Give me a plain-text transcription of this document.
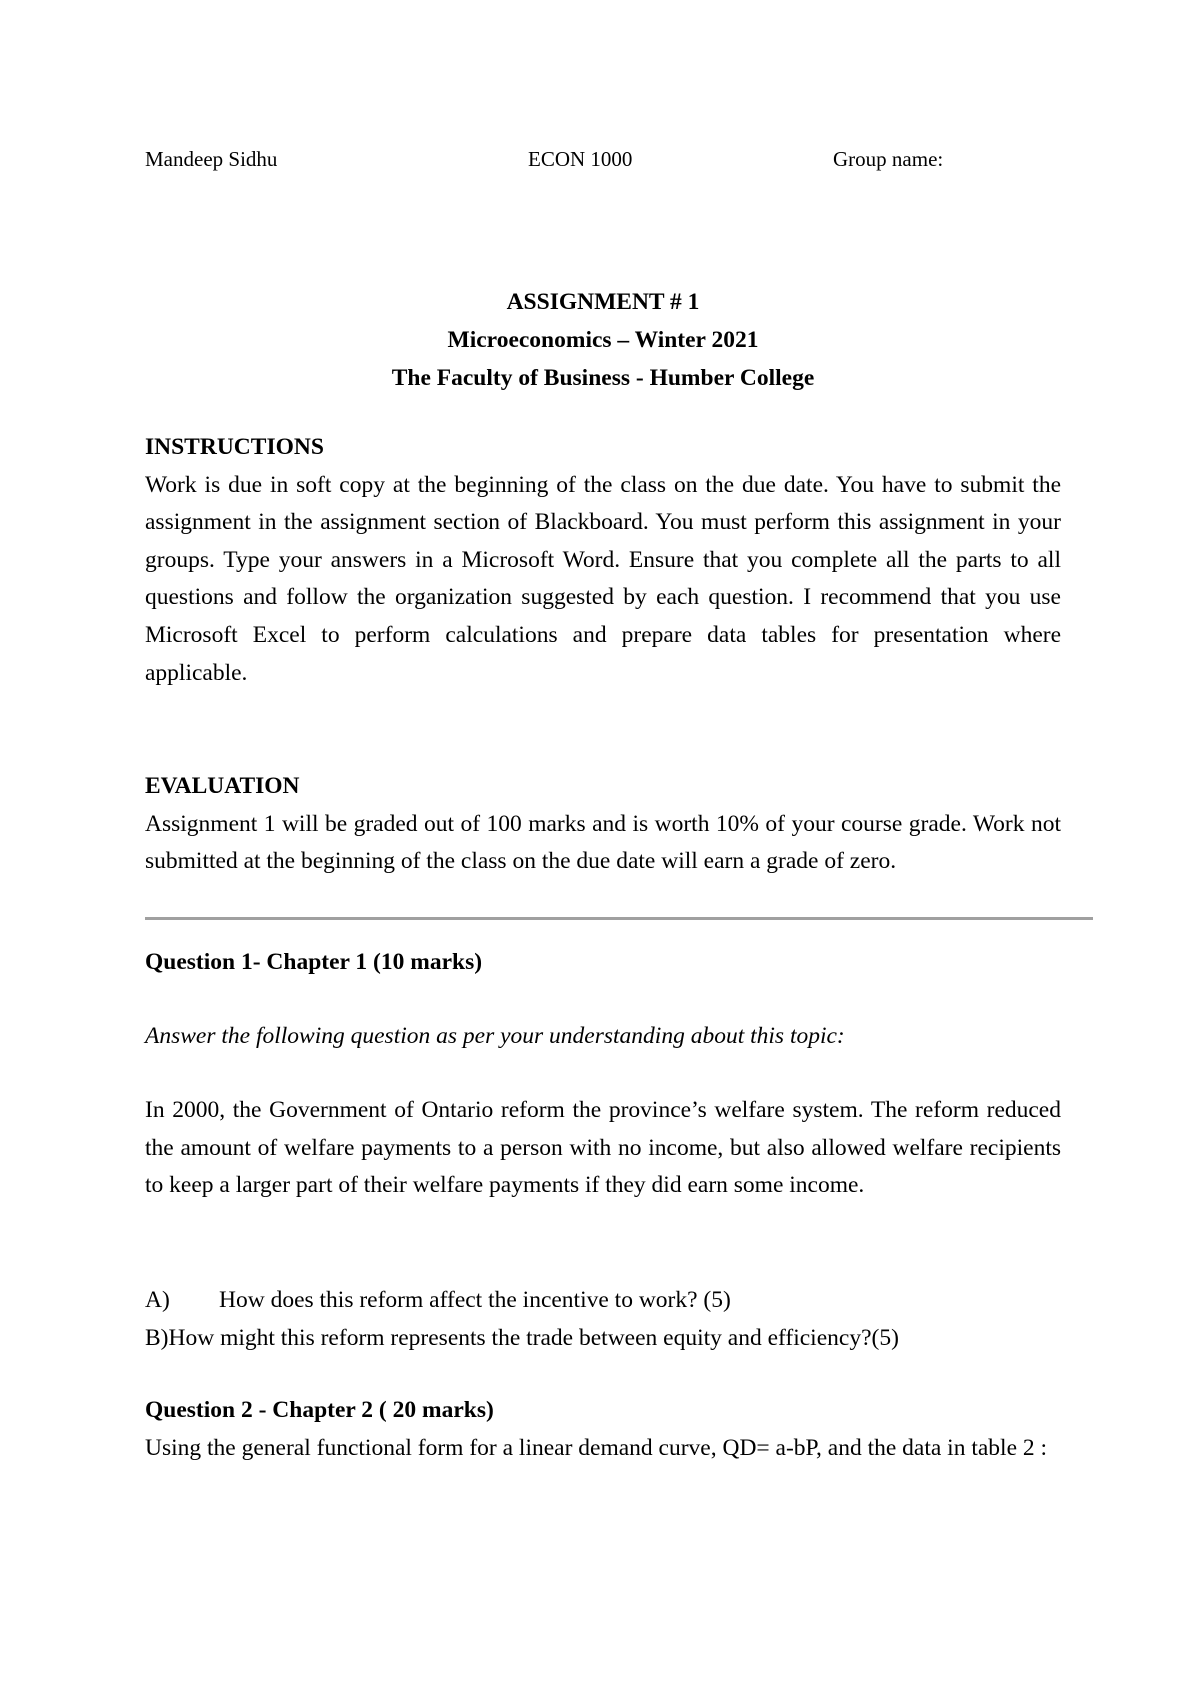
Mandeep Sidhu	ECON 1000	Group name:
ASSIGNMENT # 1
Microeconomics – Winter 2021
The Faculty of Business - Humber College
INSTRUCTIONS
Work is due in soft copy at the beginning of the class on the due date. You have to submit the assignment in the assignment section of Blackboard. You must perform this assignment in your groups. Type your answers in a Microsoft Word. Ensure that you complete all the parts to all questions and follow the organization suggested by each question. I recommend that you use Microsoft Excel to perform calculations and prepare data tables for presentation where applicable.
EVALUATION
Assignment 1 will be graded out of 100 marks and is worth 10% of your course grade. Work not submitted at the beginning of the class on the due date will earn a grade of zero.
Question 1- Chapter 1 (10 marks)
Answer the following question as per your understanding about this topic:
In 2000, the Government of Ontario reform the province’s welfare system. The reform reduced the amount of welfare payments to a person with no income, but also allowed welfare recipients to keep a larger part of their welfare payments if they did earn some income.
A) How does this reform affect the incentive to work? (5)
B)How might this reform represents the trade between equity and efficiency?(5)
Question 2 - Chapter 2 ( 20 marks)
Using the general functional form for a linear demand curve, QD= a-bP, and the data in table 2 :
